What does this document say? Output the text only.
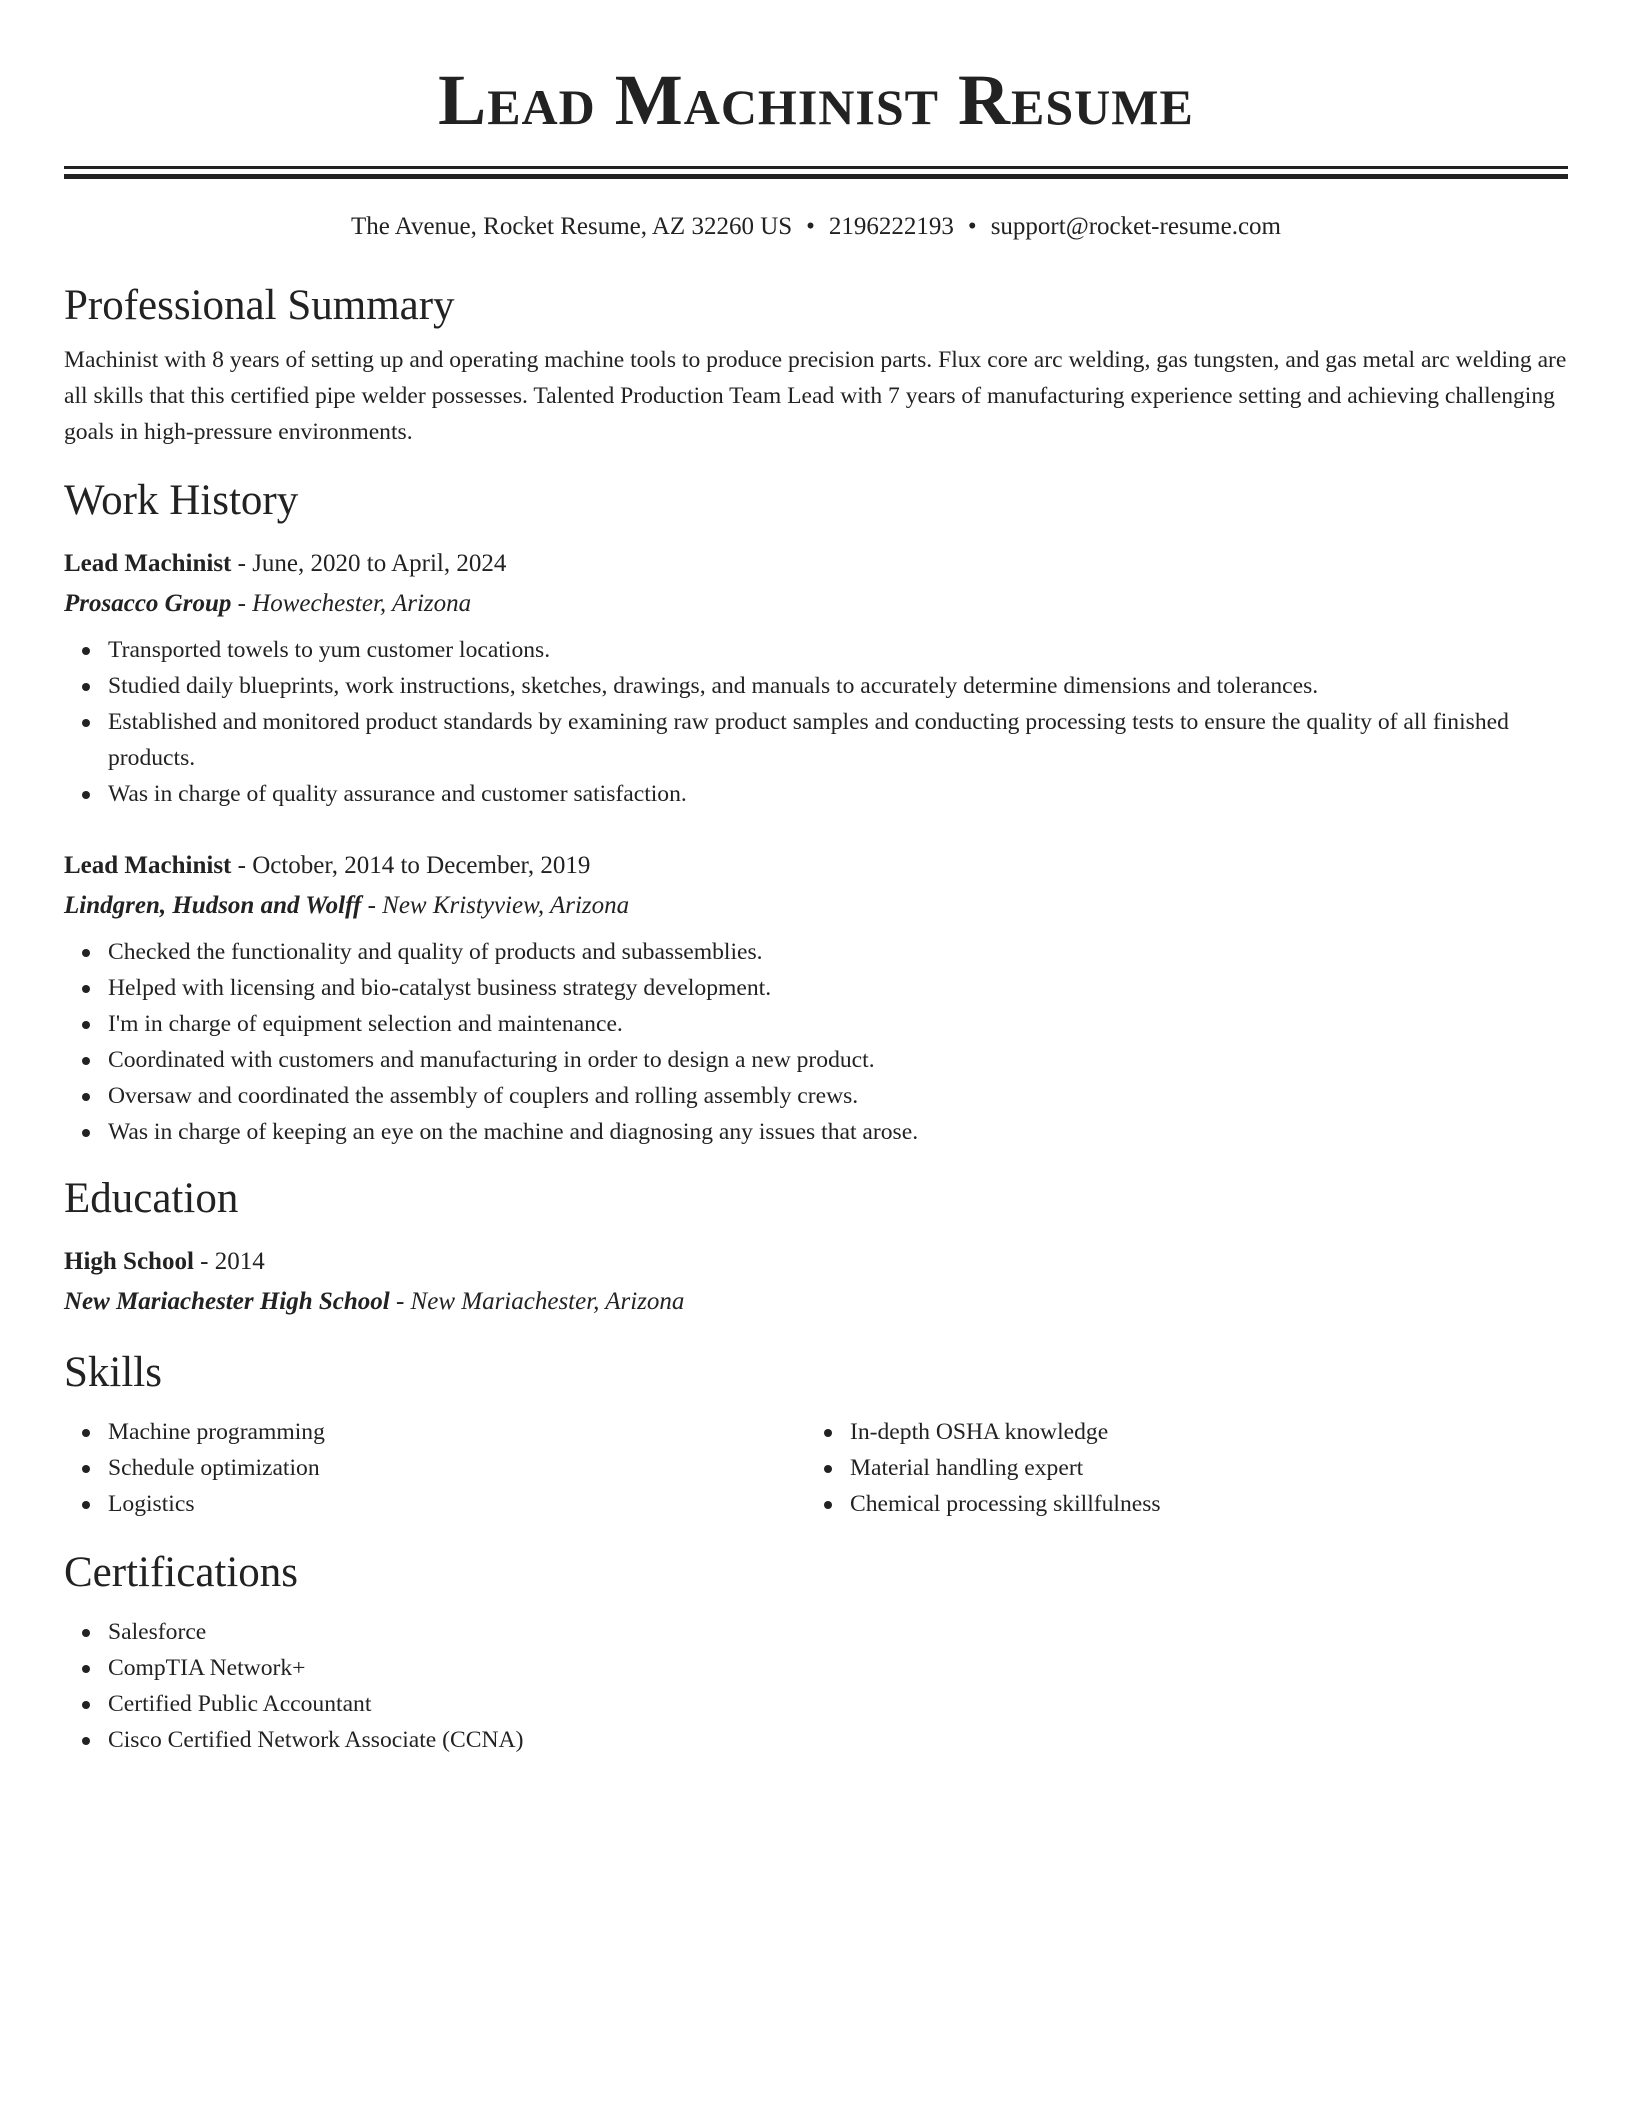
Lead Machinist Resume
The Avenue, Rocket Resume, AZ 32260 US • 2196222193 • support@rocket-resume.com
Professional Summary

Machinist with 8 years of setting up and operating machine tools to produce precision parts. Flux core arc welding, gas tungsten, and gas metal arc welding are all skills that this certified pipe welder possesses. Talented Production Team Lead with 7 years of manufacturing experience setting and achieving challenging goals in high-pressure environments.

Work History
Lead Machinist - June, 2020 to April, 2024
Prosacco Group - Howechester, Arizona
Transported towels to yum customer locations.
Studied daily blueprints, work instructions, sketches, drawings, and manuals to accurately determine dimensions and tolerances.
Established and monitored product standards by examining raw product samples and conducting processing tests to ensure the quality of all finished products.
Was in charge of quality assurance and customer satisfaction.
Lead Machinist - October, 2014 to December, 2019
Lindgren, Hudson and Wolff - New Kristyview, Arizona
Checked the functionality and quality of products and subassemblies.
Helped with licensing and bio-catalyst business strategy development.
I'm in charge of equipment selection and maintenance.
Coordinated with customers and manufacturing in order to design a new product.
Oversaw and coordinated the assembly of couplers and rolling assembly crews.
Was in charge of keeping an eye on the machine and diagnosing any issues that arose.
Education
High School - 2014
New Mariachester High School - New Mariachester, Arizona
Skills
Machine programming
Schedule optimization
Logistics
In-depth OSHA knowledge
Material handling expert
Chemical processing skillfulness
Certifications
Salesforce
CompTIA Network+
Certified Public Accountant
Cisco Certified Network Associate (CCNA)
